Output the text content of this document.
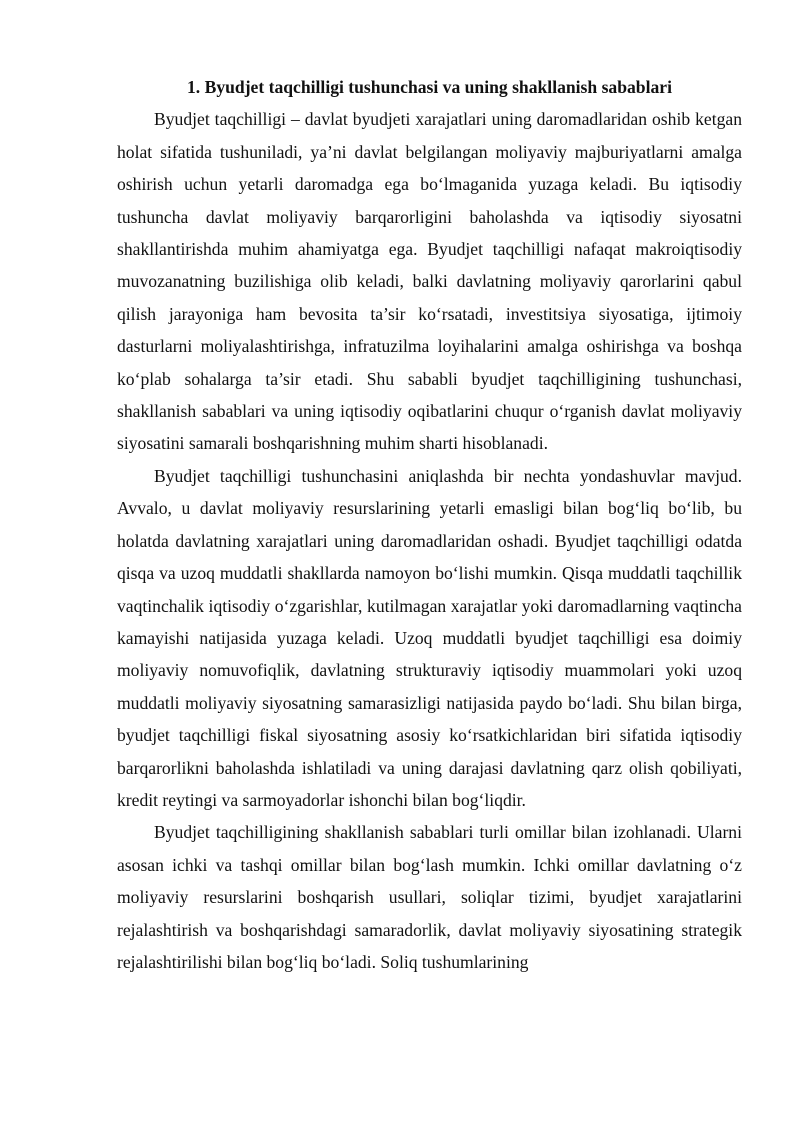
1. Byudjet taqchilligi tushunchasi va uning shakllanish sabablari

Byudjet taqchilligi – davlat byudjeti xarajatlari uning daromadlaridan oshib ketgan holat sifatida tushuniladi, ya’ni davlat belgilangan moliyaviy majburiyatlarni amalga oshirish uchun yetarli daromadga ega bo‘lmaganida yuzaga keladi. Bu iqtisodiy tushuncha davlat moliyaviy barqarorligini baholashda va iqtisodiy siyosatni shakllantirishda muhim ahamiyatga ega. Byudjet taqchilligi nafaqat makroiqtisodiy muvozanatning buzilishiga olib keladi, balki davlatning moliyaviy qarorlarini qabul qilish jarayoniga ham bevosita ta’sir ko‘rsatadi, investitsiya siyosatiga, ijtimoiy dasturlarni moliyalashtirishga, infratuzilma loyihalarini amalga oshirishga va boshqa ko‘plab sohalarga ta’sir etadi. Shu sababli byudjet taqchilligining tushunchasi, shakllanish sabablari va uning iqtisodiy oqibatlarini chuqur o‘rganish davlat moliyaviy siyosatini samarali boshqarishning muhim sharti hisoblanadi.

Byudjet taqchilligi tushunchasini aniqlashda bir nechta yondashuvlar mavjud. Avvalo, u davlat moliyaviy resurslarining yetarli emasligi bilan bog‘liq bo‘lib, bu holatda davlatning xarajatlari uning daromadlaridan oshadi. Byudjet taqchilligi odatda qisqa va uzoq muddatli shakllarda namoyon bo‘lishi mumkin. Qisqa muddatli taqchillik vaqtinchalik iqtisodiy o‘zgarishlar, kutilmagan xarajatlar yoki daromadlarning vaqtincha kamayishi natijasida yuzaga keladi. Uzoq muddatli byudjet taqchilligi esa doimiy moliyaviy nomuvofiqlik, davlatning strukturaviy iqtisodiy muammolari yoki uzoq muddatli moliyaviy siyosatning samarasizligi natijasida paydo bo‘ladi. Shu bilan birga, byudjet taqchilligi fiskal siyosatning asosiy ko‘rsatkichlaridan biri sifatida iqtisodiy barqarorlikni baholashda ishlatiladi va uning darajasi davlatning qarz olish qobiliyati, kredit reytingi va sarmoyadorlar ishonchi bilan bog‘liqdir.

Byudjet taqchilligining shakllanish sabablari turli omillar bilan izohlanadi. Ularni asosan ichki va tashqi omillar bilan bog‘lash mumkin. Ichki omillar davlatning o‘z moliyaviy resurslarini boshqarish usullari, soliqlar tizimi, byudjet xarajatlarini rejalashtirish va boshqarishdagi samaradorlik, davlat moliyaviy siyosatining strategik rejalashtirilishi bilan bog‘liq bo‘ladi. Soliq tushumlarining
